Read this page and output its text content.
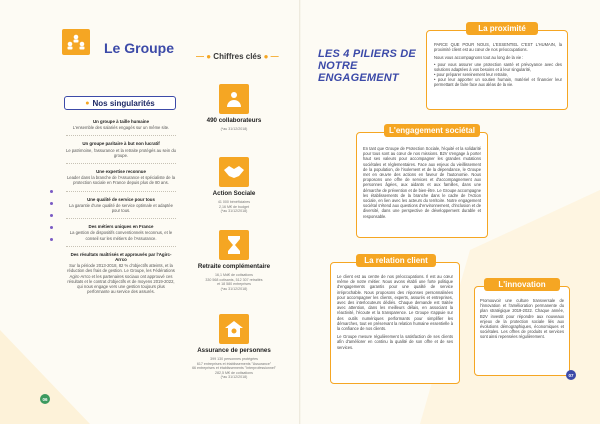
Le Groupe
● Nos singularités
Un groupe à taille humaine
L'ensemble des salariés engagés sur un même site.
Un groupe paritaire à but non lucratif
Le patrimoine, l'assurance et la retraite protégés au sein du groupe.
Une expertise reconnue
Leader dans la branche de l'Assurance et spécialiste de la protection sociale en France depuis plus de 80 ans.
Une qualité de service pour tous
La garantie d'une qualité de service optimale et adaptée pour tous.
Des métiers uniques en France
La gestion de dispositifs conventionnels reconnus, et le conseil sur les métiers de l'Assurance.
Des résultats maîtrisés et approuvés par l'Agirc-Arrco
Sur la période 2013-2018, 82 % d'objectifs atteints, et la réduction des frais de gestion. Le Groupe, les Fédérations Agirc-Arrco et les partenaires sociaux ont approuvé ces résultats et le contrat d'objectifs et de moyens 2019-2022, qui nous engage vers une gestion toujours plus performante au service des assurés.
— ● Chiffres clés ● —
490 collaborateurs
(*au 31/12/2018)
Action Sociale
41 000 bénéficiaires
2,16 M€ de budget
(*au 31/12/2018)
Retraite complémentaire
16,1 Md€ de cotisations
330 568 cotisants, 512 307 retraités
et 18 580 entreprises
(*au 31/12/2018)
Assurance de personnes
399 130 personnes protégées
617 entreprises et établissements "Assurance"
66 entreprises et établissements "Interprofessionnel"
282,5 M€ de cotisations
(*au 31/12/2018)
06
LES 4 PILIERS DE NOTRE ENGAGEMENT
La proximité

PARCE QUE POUR NOUS, L'ESSENTIEL C'EST L'HUMAIN, la proximité client est au cœur de nos préoccupations.

Nous vous accompagnons tout au long de la vie :

• pour vous assurer une protection santé et prévoyance avec des solutions adaptées à vos besoins et à leur singularité,
• pour préparer sereinement leur retraite,
• pour leur apporter un soutien humain, matériel et financier leur permettant de faire face aux aléas de la vie.
L'engagement sociétal
En tant que Groupe de Protection Sociale, l'équité et la solidarité pour tous sont au cœur de nos missions. B2V s'engage à porter haut ses valeurs pour accompagner les grandes mutations sociétales et réglementaires. Face aux enjeux du vieillissement de la population, de l'isolement et de la dépendance, le Groupe met en œuvre des actions en faveur de l'autonomie. Nous proposons une offre de services et d'accompagnement aux personnes âgées, aux aidants et aux familles, dans une démarche de prévention et de bien-être. Le Groupe accompagne les établissements de la branche dans le cadre de l'Action sociale, en lien avec les acteurs du territoire. Notre engagement sociétal s'étend aux questions d'environnement, d'inclusion et de diversité, dans une perspective de développement durable et responsable.
La relation client

Le client est au centre de nos préoccupations. Il est au cœur même de notre métier. Nous avons établi une forte politique d'engagements garantis pour une qualité de service irréprochable. Nous proposons des réponses personnalisées pour accompagner les clients, experts, assurés et entreprises, avec des interlocuteurs dédiés. Chaque demande est traitée avec attention, dans les meilleurs délais, en associant la réactivité, l'écoute et la transparence. Le Groupe s'appuie sur des outils numériques performants pour simplifier les démarches, tout en préservant la relation humaine essentielle à la confiance de nos clients.

Le Groupe mesure régulièrement la satisfaction de ses clients afin d'améliorer en continu la qualité de son offre et de ses services.

L'innovation
Promouvoir une culture transversale de l'innovation et l'amélioration permanente du plan stratégique 2019-2022. Chaque année, B2V investit pour répondre aux nouveaux enjeux de la protection sociale liés aux évolutions démographiques, économiques et sociétales. Les offres de produits et services sont ainsi repensées régulièrement.
07
